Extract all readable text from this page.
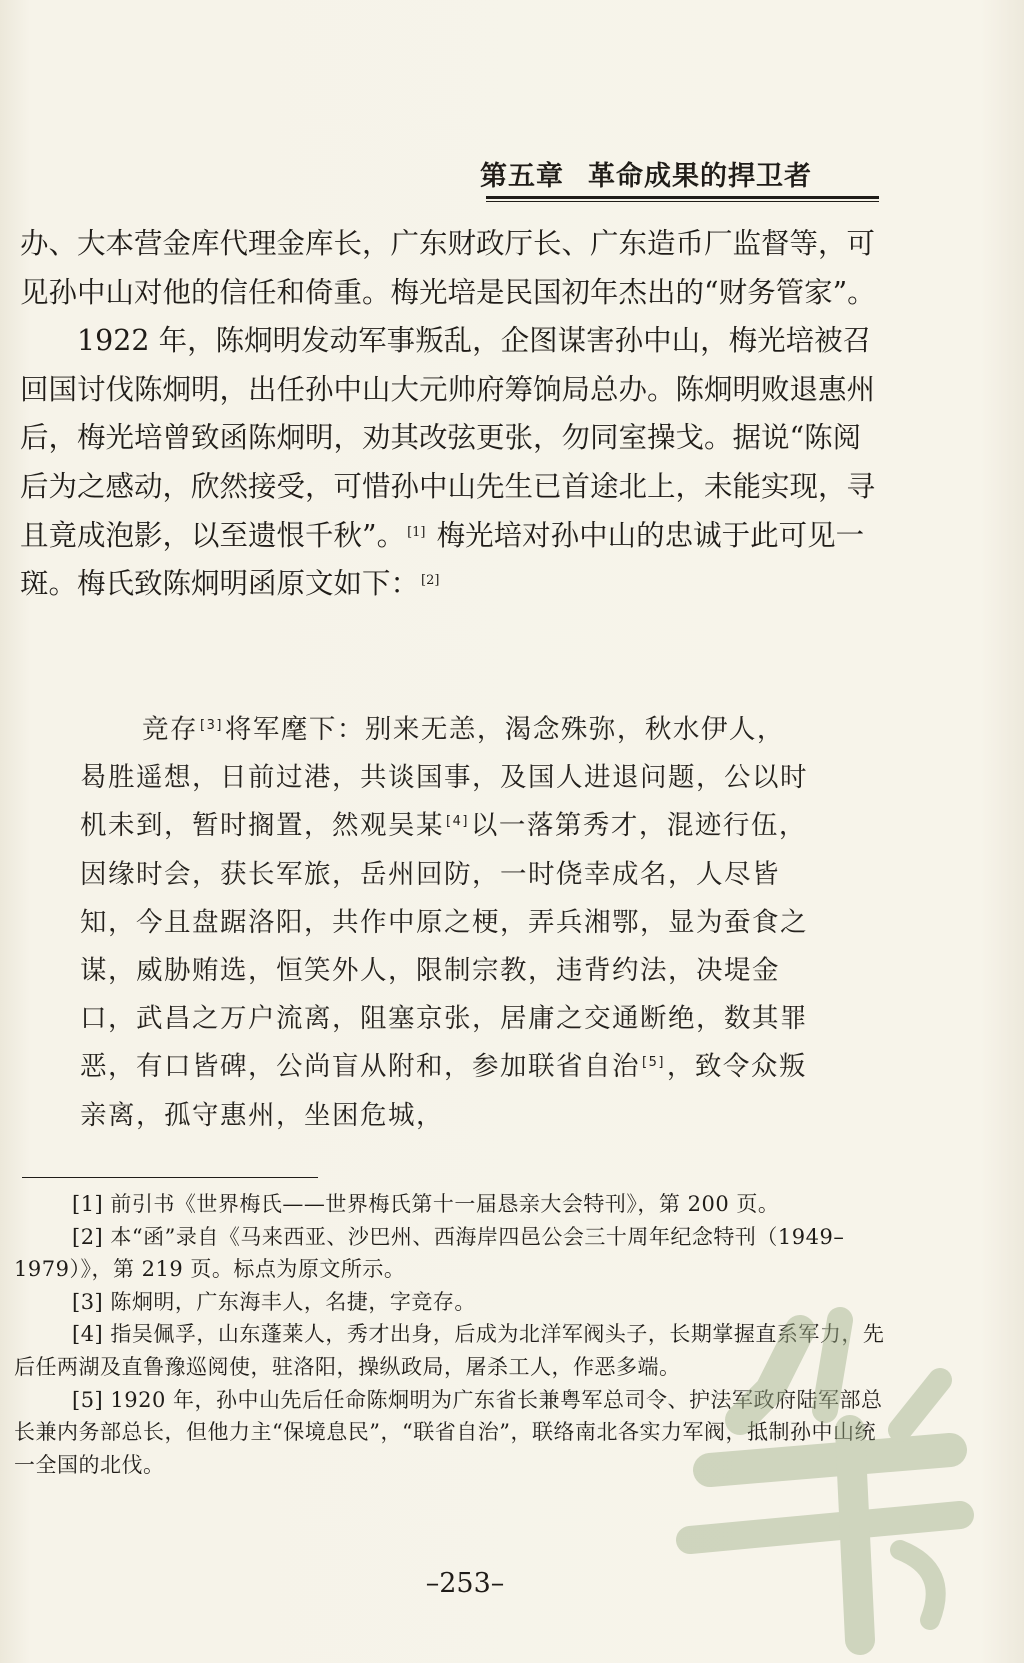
第五章 革命成果的捍卫者

办、大本营金库代理金库长，广东财政厅长、广东造币厂监督等，可见孙中山对他的信任和倚重。梅光培是民国初年杰出的“财务管家”。

1922 年，陈炯明发动军事叛乱，企图谋害孙中山，梅光培被召回国讨伐陈炯明，出任孙中山大元帅府筹饷局总办。陈炯明败退惠州后，梅光培曾致函陈炯明，劝其改弦更张，勿同室操戈。据说“陈阅后为之感动，欣然接受，可惜孙中山先生已首途北上，未能实现，寻且竟成泡影，以至遗恨千秋”。 [1] 梅光培对孙中山的忠诚于此可见一斑。梅氏致陈炯明函原文如下： [2]

竞存 [3]将军麾下：别来无恙，渴念殊弥，秋水伊人，曷胜遥想，日前过港，共谈国事，及国人进退问题，公以时机未到，暂时搁置，然观吴某 [4]以一落第秀才，混迹行伍，因缘时会，获长军旅，岳州回防，一时侥幸成名，人尽皆知，今且盘踞洛阳，共作中原之梗，弄兵湘鄂，显为蚕食之谋，威胁贿选，恒笑外人，限制宗教，违背约法，决堤金口，武昌之万户流离，阻塞京张，居庸之交通断绝，数其罪恶，有口皆碑，公尚盲从附和，参加联省自治 [5]，致令众叛亲离，孤守惠州，坐困危城，

[1] 前引书《世界梅氏——世界梅氏第十一届恳亲大会特刊》，第 200 页。

[2] 本“函”录自《马来西亚、沙巴州、西海岸四邑公会三十周年纪念特刊（1949–1979）》，第 219 页。标点为原文所示。

[3] 陈炯明，广东海丰人，名捷，字竞存。

[4] 指吴佩孚，山东蓬莱人，秀才出身，后成为北洋军阀头子，长期掌握直系军力，先后任两湖及直鲁豫巡阅使，驻洛阳，操纵政局，屠杀工人，作恶多端。

[5] 1920 年，孙中山先后任命陈炯明为广东省长兼粤军总司令、护法军政府陆军部总长兼内务部总长，但他力主“保境息民”，“联省自治”，联络南北各实力军阀，抵制孙中山统一全国的北伐。

–253–
